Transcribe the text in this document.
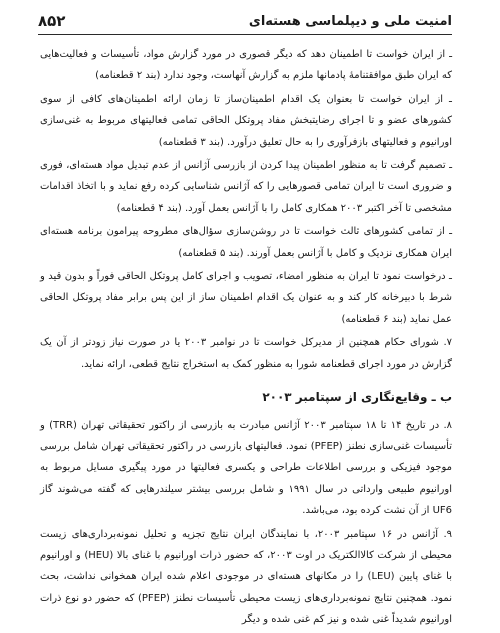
۸۵۲	امنیت ملی و دیپلماسی هسته‌ای

ـ از ایران خواست تا اطمینان دهد که دیگر قصوری در مورد گزارش مواد، تأسیسات و فعالیت‌هایی که ایران طبق موافقتنامۀ پادمانها ملزم به گزارش آنهاست، وجود ندارد (بند ۲ قطعنامه)

ـ از ایران خواست تا بعنوان یک اقدام اطمینان‌ساز تا زمان ارائه اطمینان‌های کافی از سوی کشورهای عضو و تا اجرای رضایتبخش مفاد پروتکل الحاقی تمامی فعالیتهای مربوط به غنی‌سازی اورانیوم و فعالیتهای بازفرآوری را به حال تعلیق درآورد. (بند ۳ قطعنامه)

ـ تصمیم گرفت تا به منظور اطمینان پیدا کردن از بازرسی آژانس از عدم تبدیل مواد هسته‌ای، فوری و ضروری است تا ایران تمامی قصورهایی را که آژانس شناسایی کرده رفع نماید و با اتخاذ اقدامات مشخصی تا آخر اکتبر ۲۰۰۳ همکاری کامل را با آژانس بعمل آورد. (بند ۴ قطعنامه)

ـ از تمامی کشورهای ثالث خواست تا در روشن‌سازی سؤال‌های مطروحه پیرامون برنامه هسته‌ای ایران همکاری نزدیک و کامل با آژانس بعمل آورند. (بند ۵ قطعنامه)

ـ درخواست نمود تا ایران به منظور امضاء، تصویب و اجرای کامل پروتکل الحاقی فوراً و بدون قید و شرط با دبیرخانه کار کند و به عنوان یک اقدام اطمینان ساز از این پس برابر مفاد پروتکل الحاقی عمل نماید (بند ۶ قطعنامه)

۷. شورای حکام همچنین از مدیرکل خواست تا در نوامبر ۲۰۰۳ یا در صورت نیاز زودتر از آن یک گزارش در مورد اجرای قطعنامه شورا به منظور کمک به استخراج نتایج قطعی، ارائه نماید.

ب ـ وقایع‌نگاری از سپتامبر ۲۰۰۳

۸. در تاریخ ۱۴ تا ۱۸ سپتامبر ۲۰۰۳ آژانس مبادرت به بازرسی از راکتور تحقیقاتی تهران (TRR) و تأسیسات غنی‌سازی نطنز (PFEP) نمود. فعالیتهای بازرسی در راکتور تحقیقاتی تهران شامل بررسی موجود فیزیکی و بررسی اطلاعات طراحی و یکسری فعالیتها در مورد پیگیری مسایل مربوط به اورانیوم طبیعی وارداتی در سال ۱۹۹۱ و شامل بررسی بیشتر سیلندرهایی که گفته می‌شوند گاز UF6 از آن نشت کرده بود، می‌باشد.

۹. آژانس در ۱۶ سپتامبر ۲۰۰۳، با نمایندگان ایران نتایج تجزیه و تحلیل نمونه‌برداری‌های زیست محیطی از شرکت کالاالکتریک در اوت ۲۰۰۳، که حضور ذرات اورانیوم با غنای بالا (HEU) و اورانیوم با غنای پایین (LEU) را در مکانهای هسته‌ای در موجودی اعلام شده ایران همخوانی نداشت، بحث نمود. همچنین نتایج نمونه‌برداری‌های زیست محیطی تأسیسات نطنز (PFEP) که حضور دو نوع ذرات اورانیوم شدیداً غنی شده و نیز کم غنی شده و دیگر
